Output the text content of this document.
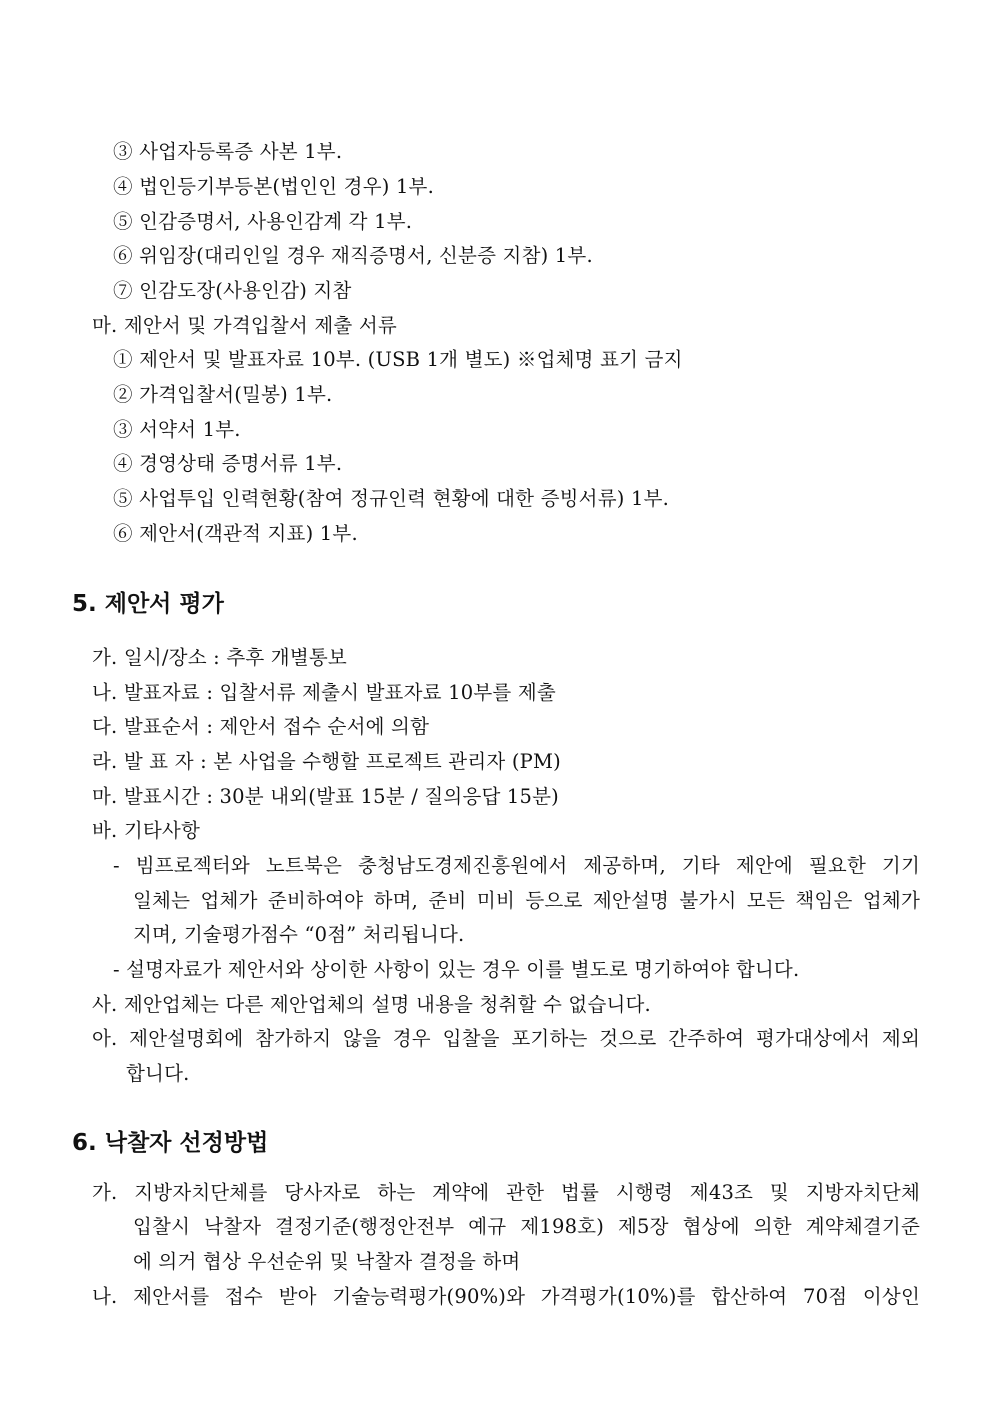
③ 사업자등록증 사본 1부.

④ 법인등기부등본(법인인 경우) 1부.

⑤ 인감증명서, 사용인감계 각 1부.

⑥ 위임장(대리인일 경우 재직증명서, 신분증 지참) 1부.

⑦ 인감도장(사용인감) 지참

마. 제안서 및 가격입찰서 제출 서류

① 제안서 및 발표자료 10부. (USB 1개 별도) ※업체명 표기 금지

② 가격입찰서(밀봉) 1부.

③ 서약서 1부.

④ 경영상태 증명서류 1부.

⑤ 사업투입 인력현황(참여 정규인력 현황에 대한 증빙서류) 1부.

⑥ 제안서(객관적 지표) 1부.

5. 제안서 평가

가. 일시/장소 : 추후 개별통보

나. 발표자료 : 입찰서류 제출시 발표자료 10부를 제출

다. 발표순서 : 제안서 접수 순서에 의함

라. 발 표 자 : 본 사업을 수행할 프로젝트 관리자 (PM)

마. 발표시간 : 30분 내외(발표 15분 / 질의응답 15분)

바. 기타사항

- 빔프로젝터와 노트북은 충청남도경제진흥원에서 제공하며, 기타 제안에 필요한 기기

일체는 업체가 준비하여야 하며, 준비 미비 등으로 제안설명 불가시 모든 책임은 업체가

지며, 기술평가점수 “0점” 처리됩니다.

- 설명자료가 제안서와 상이한 사항이 있는 경우 이를 별도로 명기하여야 합니다.

사. 제안업체는 다른 제안업체의 설명 내용을 청취할 수 없습니다.

아. 제안설명회에 참가하지 않을 경우 입찰을 포기하는 것으로 간주하여 평가대상에서 제외

합니다.

6. 낙찰자 선정방법

가. 지방자치단체를 당사자로 하는 계약에 관한 법률 시행령 제43조 및 지방자치단체

입찰시 낙찰자 결정기준(행정안전부 예규 제198호) 제5장 협상에 의한 계약체결기준

에 의거 협상 우선순위 및 낙찰자 결정을 하며

나. 제안서를 접수 받아 기술능력평가(90%)와 가격평가(10%)를 합산하여 70점 이상인
